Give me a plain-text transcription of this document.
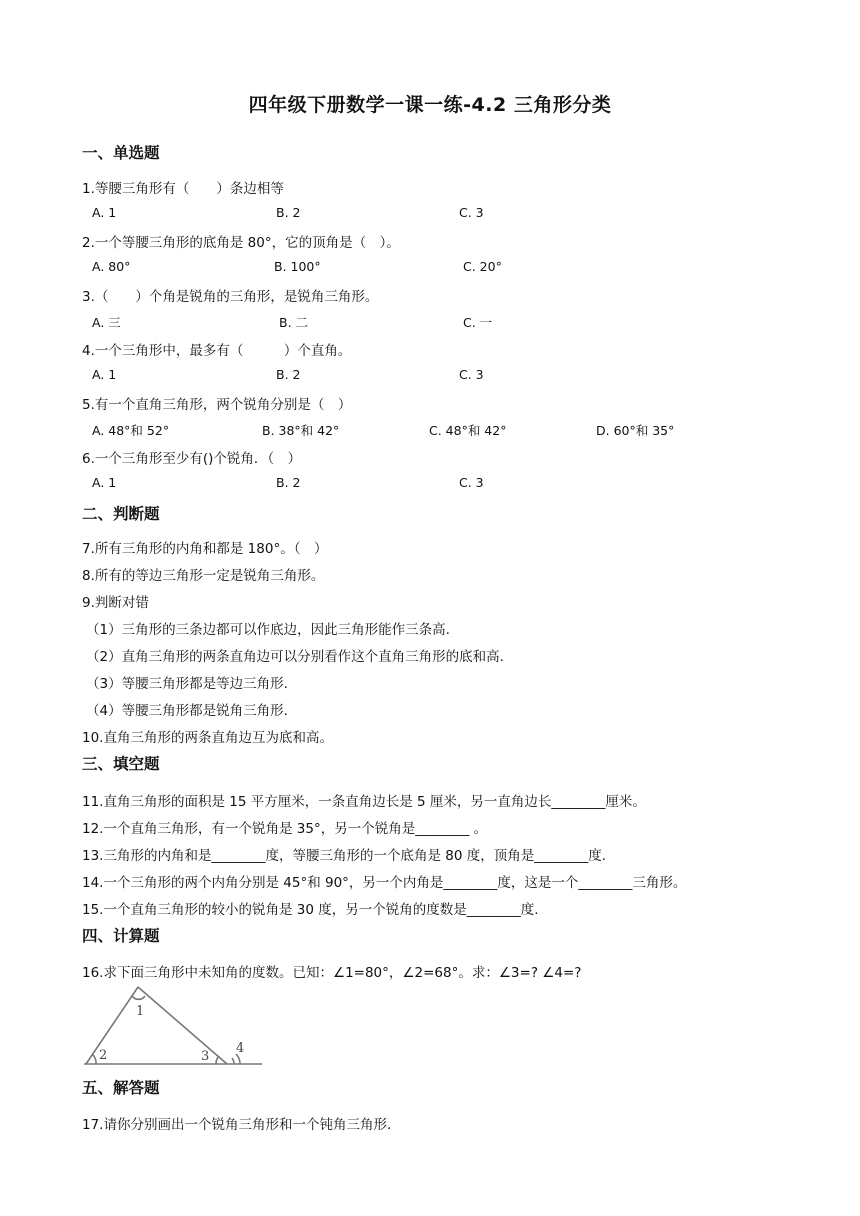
四年级下册数学一课一练-4.2 三角形分类
一、单选题
1.等腰三角形有（　　）条边相等
A. 1	B. 2	C. 3
2.一个等腰三角形的底角是 80°，它的顶角是（　）。
A. 80°	B. 100°	C. 20°
3.（　　）个角是锐角的三角形，是锐角三角形。
A. 三	B. 二	C. 一
4.一个三角形中，最多有（　　　）个直角。
A. 1	B. 2	C. 3
5.有一个直角三角形，两个锐角分别是（　）
A. 48°和 52°	B. 38°和 42°	C. 48°和 42°	D. 60°和 35°
6.一个三角形至少有()个锐角．（　）
A. 1	B. 2	C. 3
二、判断题
7.所有三角形的内角和都是 180°。（　）
8.所有的等边三角形一定是锐角三角形。
9.判断对错
（1）三角形的三条边都可以作底边，因此三角形能作三条高.
（2）直角三角形的两条直角边可以分别看作这个直角三角形的底和高.
（3）等腰三角形都是等边三角形.
（4）等腰三角形都是锐角三角形.
10.直角三角形的两条直角边互为底和高。
三、填空题
11.直角三角形的面积是 15 平方厘米，一条直角边长是 5 厘米，另一直角边长________厘米。
12.一个直角三角形，有一个锐角是 35°，另一个锐角是________ 。
13.三角形的内角和是________度，等腰三角形的一个底角是 80 度，顶角是________度.
14.一个三角形的两个内角分别是 45°和 90°，另一个内角是________度，这是一个________三角形。
15.一个直角三角形的较小的锐角是 30 度，另一个锐角的度数是________度.
四、计算题
16.求下面三角形中未知角的度数。已知：∠1=80°，∠2=68°。求：∠3=? ∠4=?
1
2	3
4
五、解答题
17.请你分别画出一个锐角三角形和一个钝角三角形.
